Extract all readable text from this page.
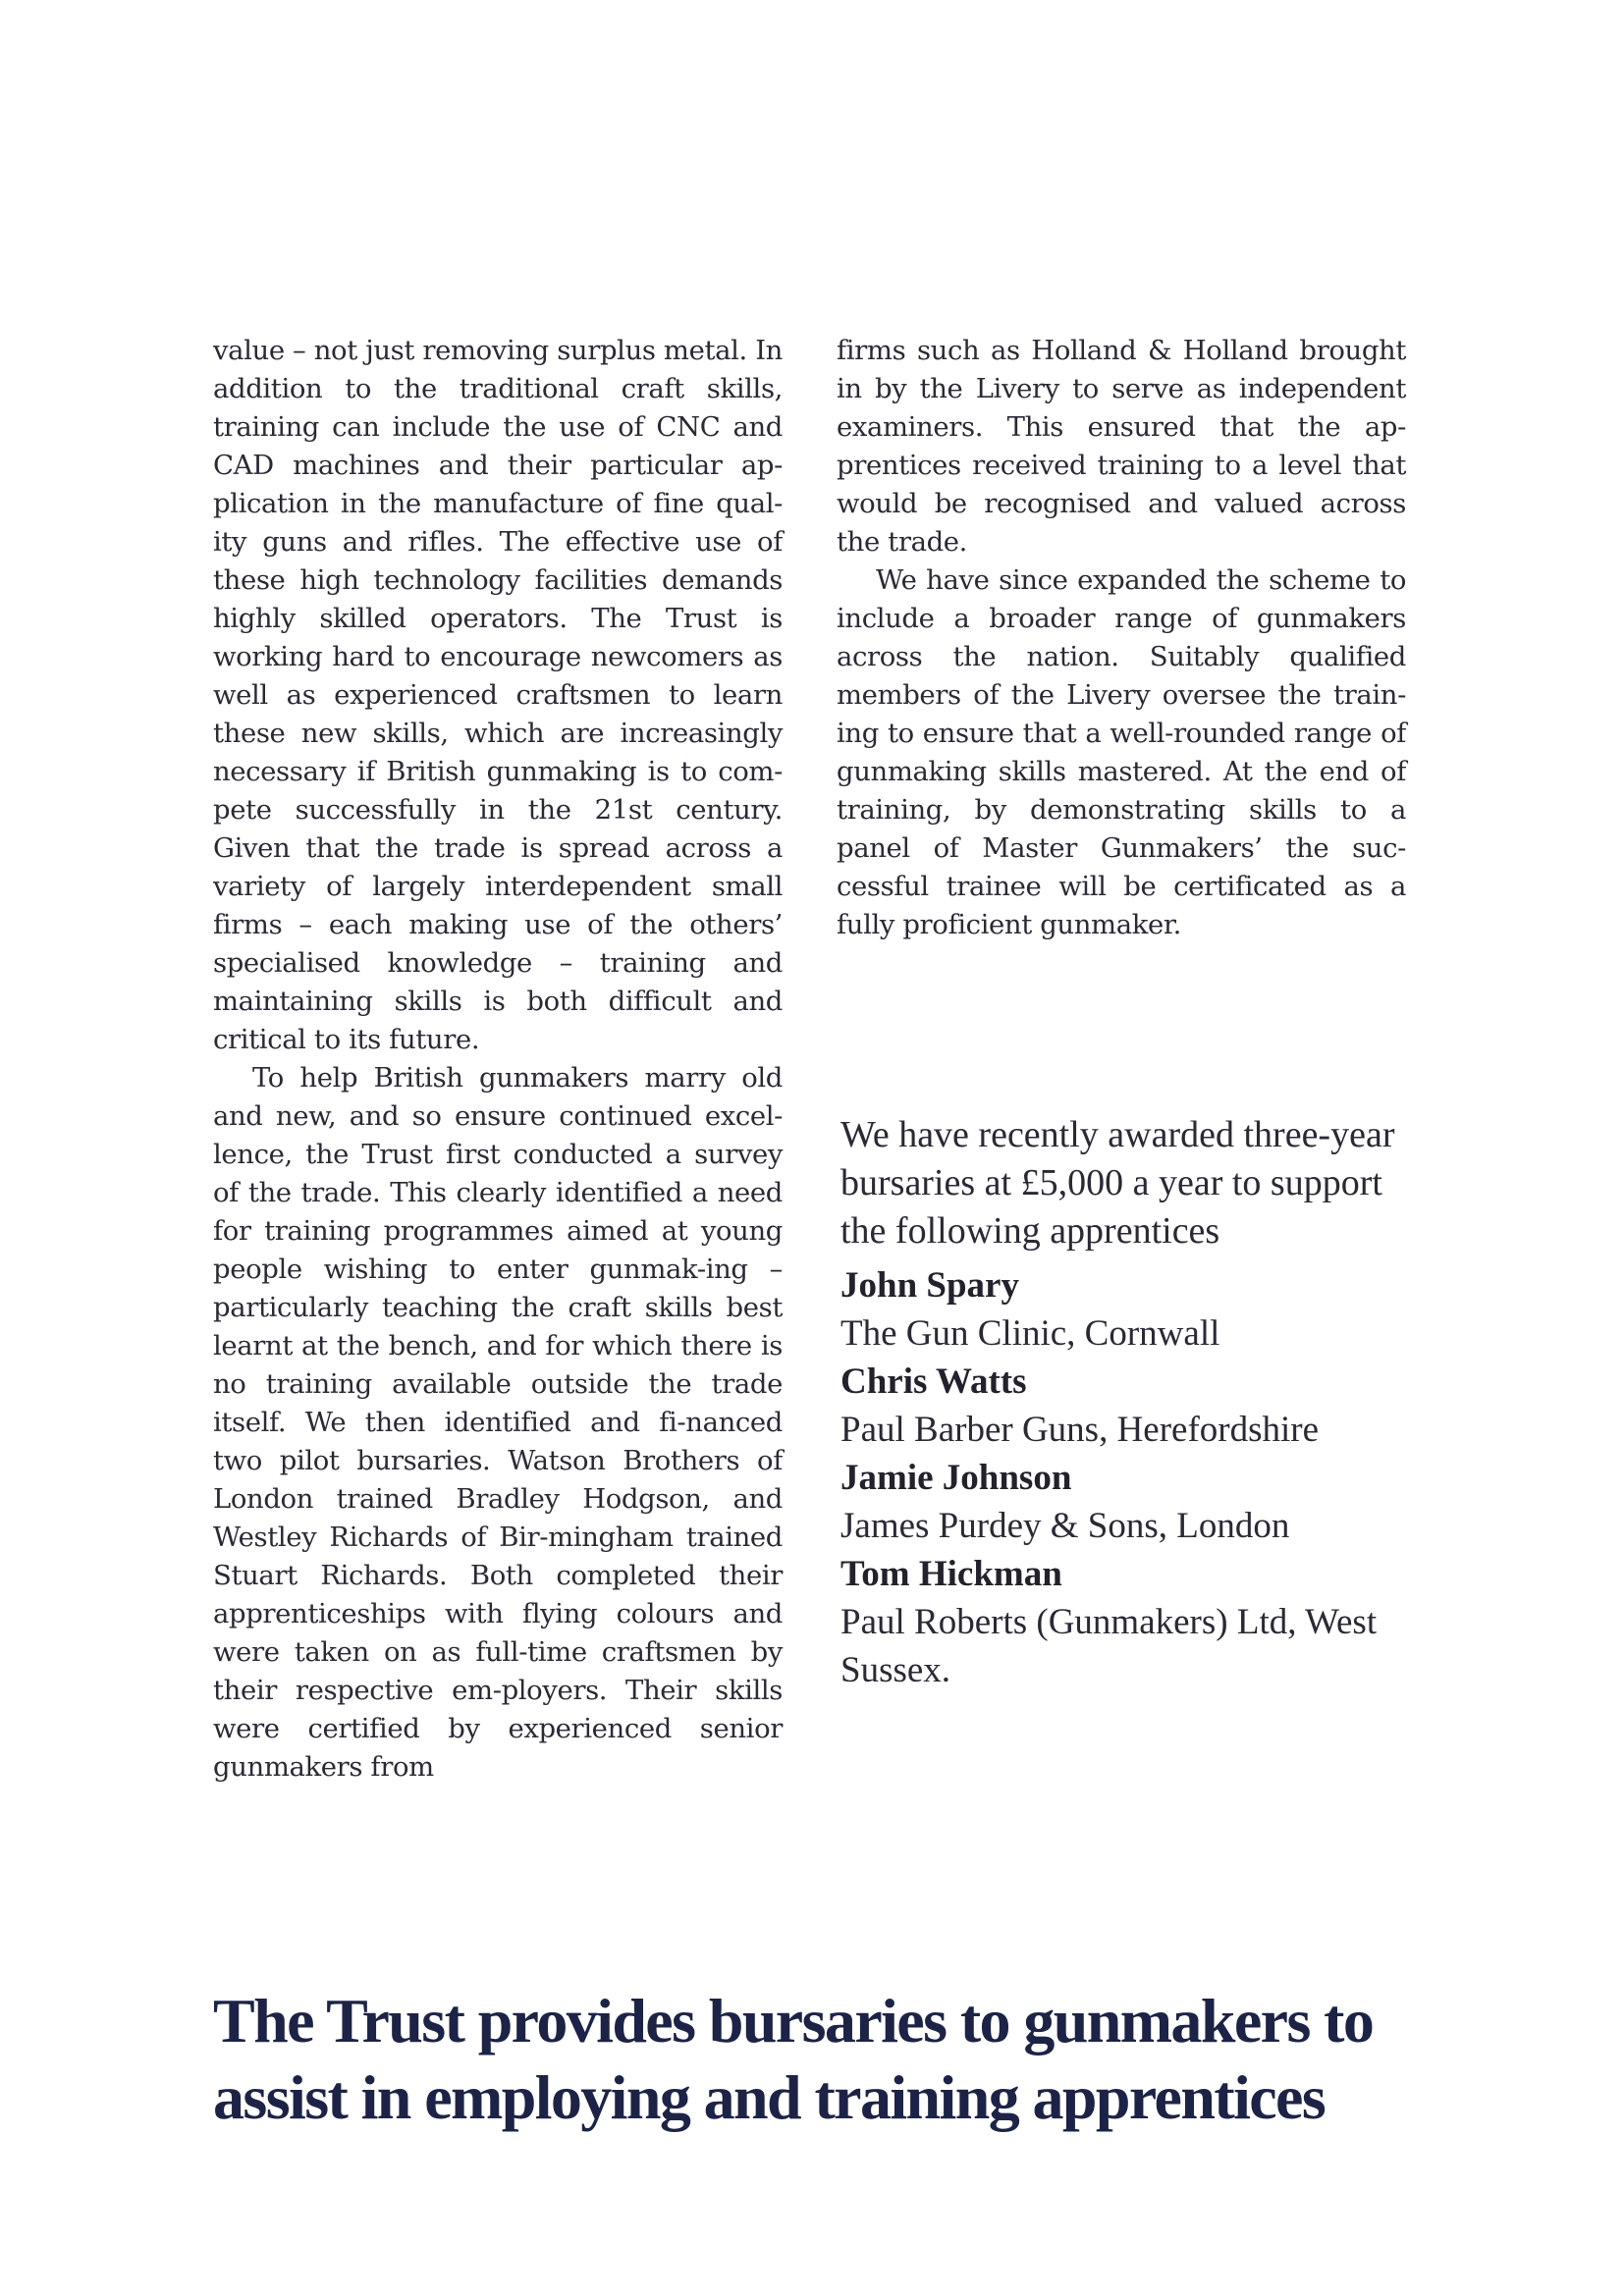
value – not just removing surplus metal. In addition to the traditional craft skills, training can include the use of CNC and CAD machines and their particular ap-plication in the manufacture of fine qual-ity guns and rifles. The effective use of these high technology facilities demands highly skilled operators. The Trust is working hard to encourage newcomers as well as experienced craftsmen to learn these new skills, which are increasingly necessary if British gunmaking is to com-pete successfully in the 21st century. Given that the trade is spread across a variety of largely interdependent small firms – each making use of the others’ specialised knowledge – training and maintaining skills is both difficult and critical to its future.

To help British gunmakers marry old and new, and so ensure continued excel-lence, the Trust first conducted a survey of the trade. This clearly identified a need for training programmes aimed at young people wishing to enter gunmak-ing – particularly teaching the craft skills best learnt at the bench, and for which there is no training available outside the trade itself. We then identified and fi-nanced two pilot bursaries. Watson Brothers of London trained Bradley Hodgson, and Westley Richards of Bir-mingham trained Stuart Richards. Both completed their apprenticeships with flying colours and were taken on as full-time craftsmen by their respective em-ployers. Their skills were certified by experienced senior gunmakers from

firms such as Holland & Holland brought in by the Livery to serve as independent examiners. This ensured that the ap-prentices received training to a level that would be recognised and valued across the trade.

We have since expanded the scheme to include a broader range of gunmakers across the nation. Suitably qualified members of the Livery oversee the train-ing to ensure that a well-rounded range of gunmaking skills mastered. At the end of training, by demonstrating skills to a panel of Master Gunmakers’ the suc-cessful trainee will be certificated as a fully proficient gunmaker.

We have recently awarded three-year bursaries at £5,000 a year to support the following apprentices

John Spary

The Gun Clinic, Cornwall

Chris Watts

Paul Barber Guns, Herefordshire

Jamie Johnson

James Purdey & Sons, London

Tom Hickman

Paul Roberts (Gunmakers) Ltd, West Sussex.

The Trust provides bursaries to gunmakers to assist in employing and training apprentices
